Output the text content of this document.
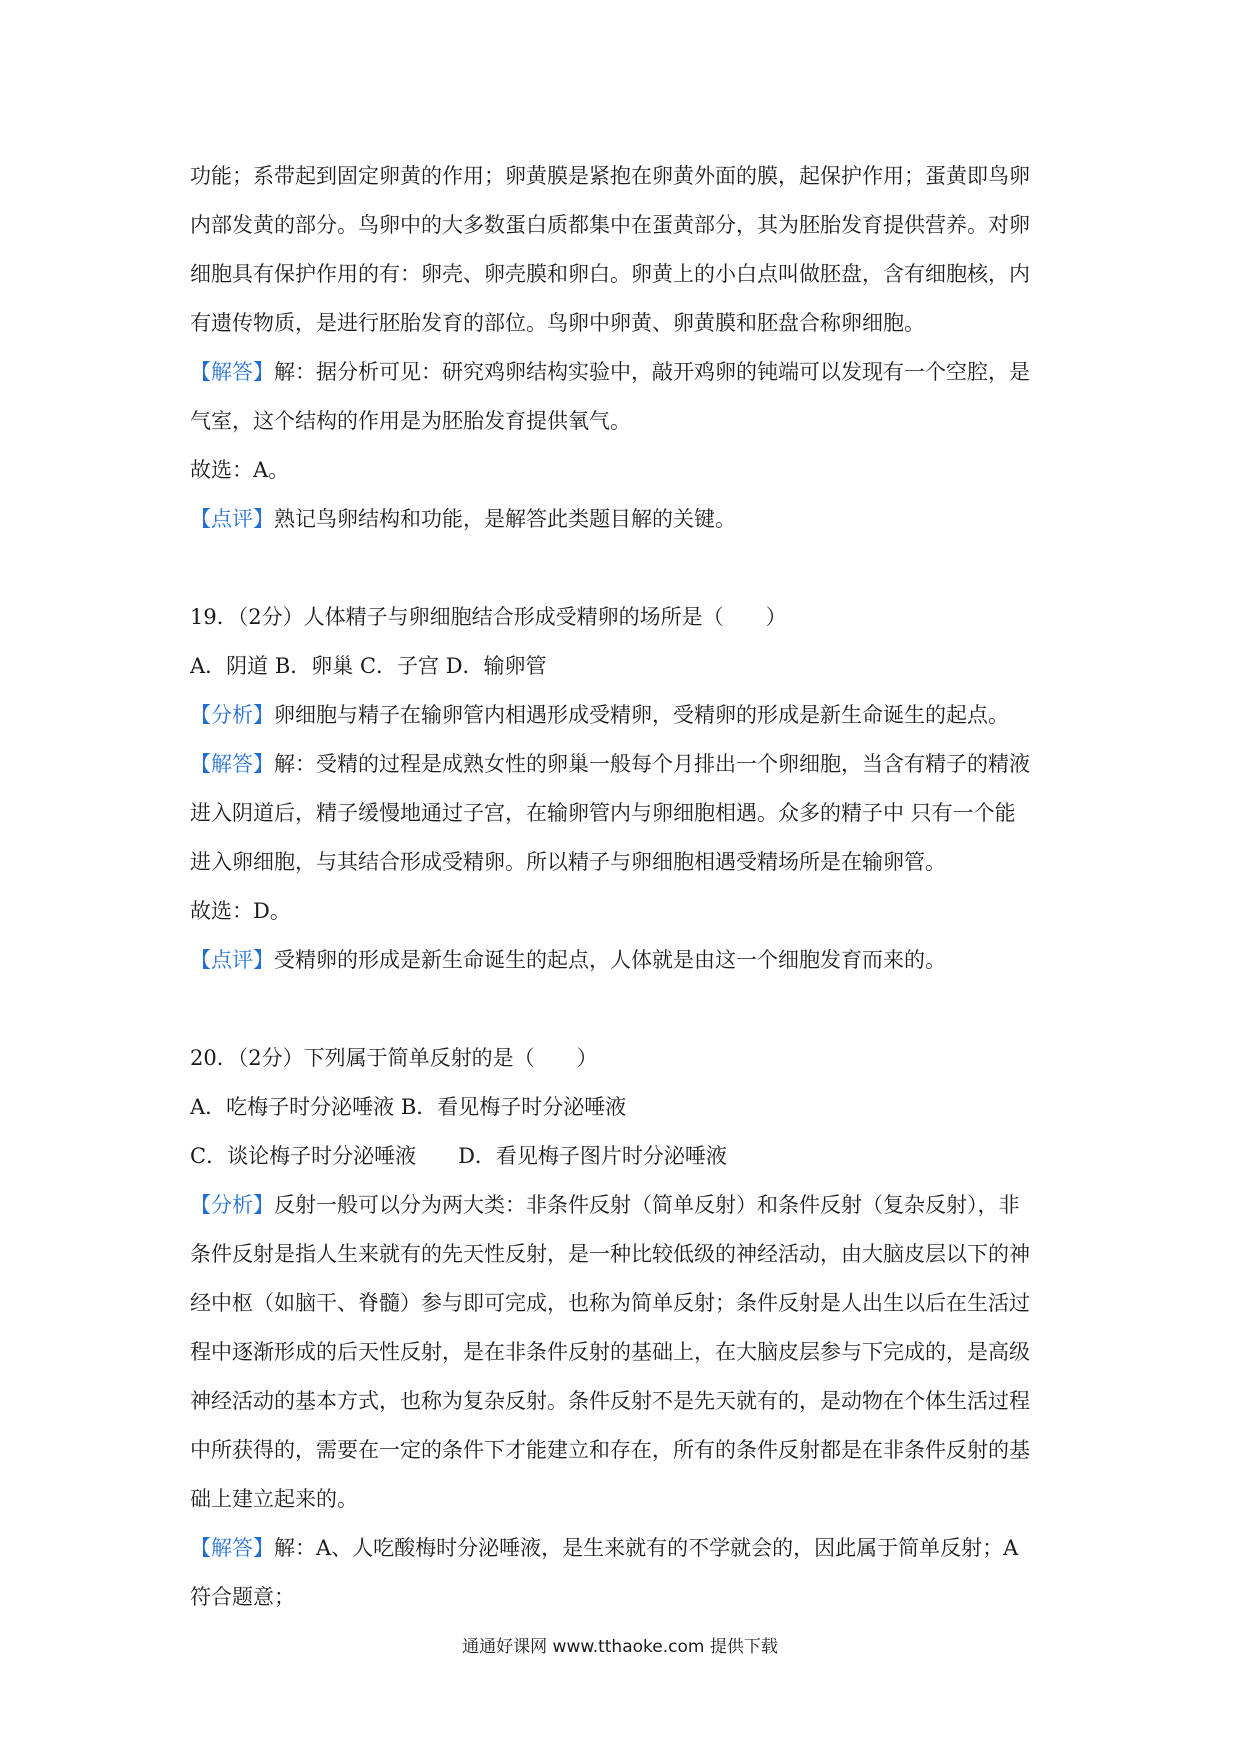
功能；系带起到固定卵黄的作用；卵黄膜是紧抱在卵黄外面的膜，起保护作用；蛋黄即鸟卵
内部发黄的部分。鸟卵中的大多数蛋白质都集中在蛋黄部分，其为胚胎发育提供营养。对卵
细胞具有保护作用的有：卵壳、卵壳膜和卵白。卵黄上的小白点叫做胚盘，含有细胞核，内
有遗传物质，是进行胚胎发育的部位。鸟卵中卵黄、卵黄膜和胚盘合称卵细胞。
【解答】解：据分析可见：研究鸡卵结构实验中，敲开鸡卵的钝端可以发现有一个空腔，是
气室，这个结构的作用是为胚胎发育提供氧气。
故选：A。
【点评】熟记鸟卵结构和功能，是解答此类题目解的关键。
19．（2分）人体精子与卵细胞结合形成受精卵的场所是（　　）
A．阴道 B．卵巢 C．子宫 D．输卵管
【分析】卵细胞与精子在输卵管内相遇形成受精卵，受精卵的形成是新生命诞生的起点。
【解答】解：受精的过程是成熟女性的卵巢一般每个月排出一个卵细胞，当含有精子的精液
进入阴道后，精子缓慢地通过子宫，在输卵管内与卵细胞相遇。众多的精子中 只有一个能
进入卵细胞，与其结合形成受精卵。所以精子与卵细胞相遇受精场所是在输卵管。
故选：D。
【点评】受精卵的形成是新生命诞生的起点，人体就是由这一个细胞发育而来的。
20．（2分）下列属于简单反射的是（　　）
A．吃梅子时分泌唾液 B．看见梅子时分泌唾液
C．谈论梅子时分泌唾液　　D．看见梅子图片时分泌唾液
【分析】反射一般可以分为两大类：非条件反射（简单反射）和条件反射（复杂反射），非
条件反射是指人生来就有的先天性反射，是一种比较低级的神经活动，由大脑皮层以下的神
经中枢（如脑干、脊髓）参与即可完成，也称为简单反射；条件反射是人出生以后在生活过
程中逐渐形成的后天性反射，是在非条件反射的基础上，在大脑皮层参与下完成的，是高级
神经活动的基本方式，也称为复杂反射。条件反射不是先天就有的，是动物在个体生活过程
中所获得的，需要在一定的条件下才能建立和存在，所有的条件反射都是在非条件反射的基
础上建立起来的。
【解答】解：A、人吃酸梅时分泌唾液，是生来就有的不学就会的，因此属于简单反射；A
符合题意；
通通好课网 www.tthaoke.com 提供下载
